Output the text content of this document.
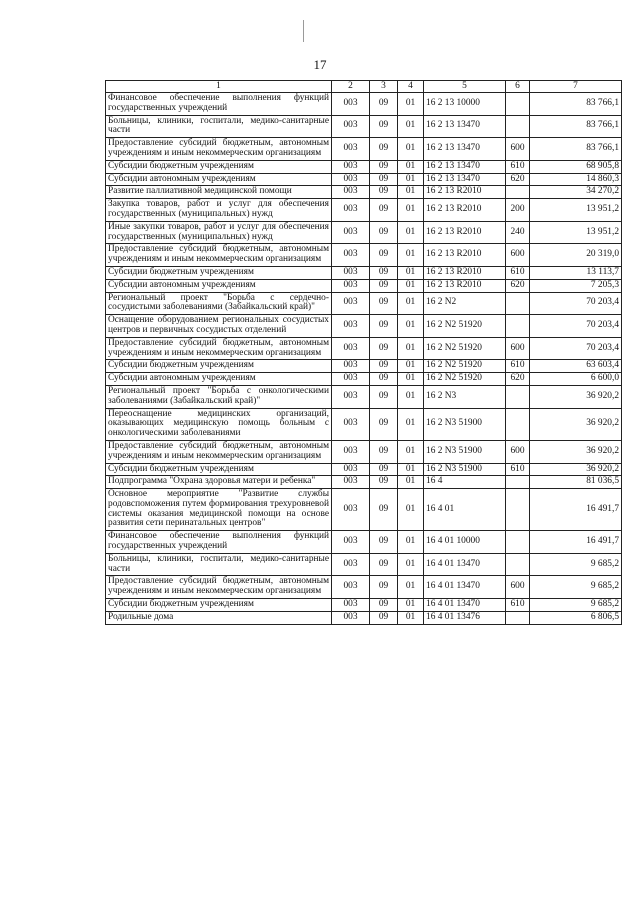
17
1	2	3	4	5	6	7
Финансовое обеспечение выполнения функций государственных учреждений	003	09	01	16 2 13 10000		83 766,1
Больницы, клиники, госпитали, медико-санитарные части	003	09	01	16 2 13 13470		83 766,1
Предоставление субсидий бюджетным, автономным учреждениям и иным некоммерческим организациям	003	09	01	16 2 13 13470	600	83 766,1
Субсидии бюджетным учреждениям	003	09	01	16 2 13 13470	610	68 905,8
Субсидии автономным учреждениям	003	09	01	16 2 13 13470	620	14 860,3
Развитие паллиативной медицинской помощи	003	09	01	16 2 13 R2010		34 270,2
Закупка товаров, работ и услуг для обеспечения государственных (муниципальных) нужд	003	09	01	16 2 13 R2010	200	13 951,2
Иные закупки товаров, работ и услуг для обеспечения государственных (муниципальных) нужд	003	09	01	16 2 13 R2010	240	13 951,2
Предоставление субсидий бюджетным, автономным учреждениям и иным некоммерческим организациям	003	09	01	16 2 13 R2010	600	20 319,0
Субсидии бюджетным учреждениям	003	09	01	16 2 13 R2010	610	13 113,7
Субсидии автономным учреждениям	003	09	01	16 2 13 R2010	620	7 205,3
Региональный проект "Борьба с сердечно-сосудистыми заболеваниями (Забайкальский край)"	003	09	01	16 2 N2		70 203,4
Оснащение оборудованием региональных сосудистых центров и первичных сосудистых отделений	003	09	01	16 2 N2 51920		70 203,4
Предоставление субсидий бюджетным, автономным учреждениям и иным некоммерческим организациям	003	09	01	16 2 N2 51920	600	70 203,4
Субсидии бюджетным учреждениям	003	09	01	16 2 N2 51920	610	63 603,4
Субсидии автономным учреждениям	003	09	01	16 2 N2 51920	620	6 600,0
Региональный проект "Борьба с онкологическими заболеваниями (Забайкальский край)"	003	09	01	16 2 N3		36 920,2
Переоснащение медицинских организаций, оказывающих медицинскую помощь больным с онкологическими заболеваниями	003	09	01	16 2 N3 51900		36 920,2
Предоставление субсидий бюджетным, автономным учреждениям и иным некоммерческим организациям	003	09	01	16 2 N3 51900	600	36 920,2
Субсидии бюджетным учреждениям	003	09	01	16 2 N3 51900	610	36 920,2
Подпрограмма "Охрана здоровья матери и ребенка"	003	09	01	16 4		81 036,5
Основное мероприятие "Развитие службы родовспоможения путем формирования трехуровневой системы оказания медицинской помощи на основе развития сети перинатальных центров"	003	09	01	16 4 01		16 491,7
Финансовое обеспечение выполнения функций государственных учреждений	003	09	01	16 4 01 10000		16 491,7
Больницы, клиники, госпитали, медико-санитарные части	003	09	01	16 4 01 13470		9 685,2
Предоставление субсидий бюджетным, автономным учреждениям и иным некоммерческим организациям	003	09	01	16 4 01 13470	600	9 685,2
Субсидии бюджетным учреждениям	003	09	01	16 4 01 13470	610	9 685,2
Родильные дома	003	09	01	16 4 01 13476		6 806,5
